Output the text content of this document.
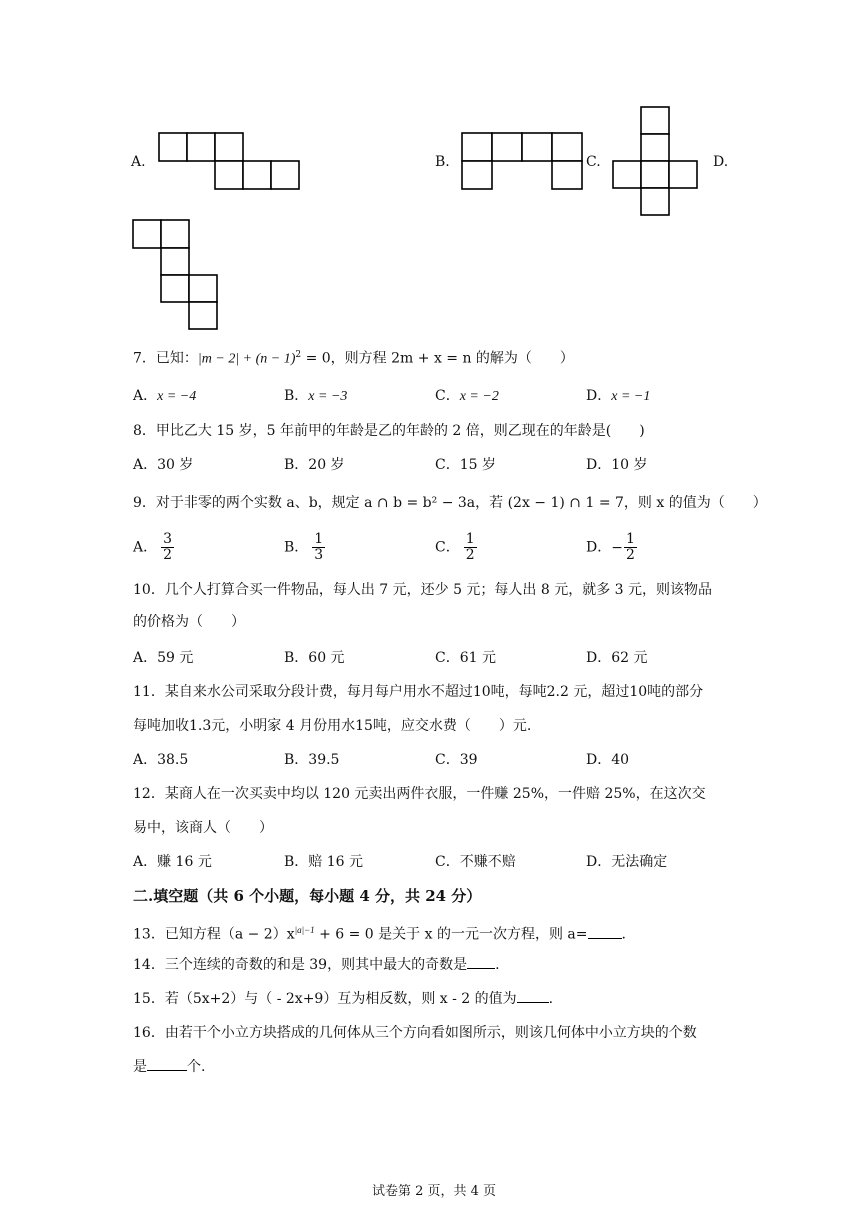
A.	B.	C.	D.
7．已知：$|m - 2| + (n - 1)^2 = 0$，则方程 2m + x = n 的解为（　　）
A．x = −4	B．x = −3	C．x = −2	D．x = −1
8．甲比乙大 15 岁，5 年前甲的年龄是乙的年龄的 2 倍，则乙现在的年龄是(　　)
A．30 岁	B．20 岁	C．15 岁	D．10 岁
9．对于非零的两个实数 a、b，规定 a ∩ b = b² − 3a，若 (2x − 1) ∩ 1 = 7，则 x 的值为（　　）
A． $\frac{3}{2}$	B． $\frac{1}{3}$	C． $\frac{1}{2}$	D． − $\frac{1}{2}$
10．几个人打算合买一件物品，每人出 7 元，还少 5 元；每人出 8 元，就多 3 元，则该物品
的价格为（　　）
A．59 元	B．60 元	C．61 元	D．62 元
11．某自来水公司采取分段计费，每月每户用水不超过10吨，每吨2.2 元，超过10吨的部分
每吨加收1.3元，小明家 4 月份用水15吨，应交水费（　　）元.
A．38.5	B．39.5	C．39	D．40
12．某商人在一次买卖中均以 120 元卖出两件衣服，一件赚 25%，一件赔 25%，在这次交
易中，该商人（　　）
A．赚 16 元	B．赔 16 元	C．不赚不赔	D．无法确定
二.填空题（共 6 个小题，每小题 4 分，共 24 分）
13．已知方程$(a - 2)x^{|a|-1} + 6 = 0$ 是关于 x 的一元一次方程，则 a= .
14．三个连续的奇数的和是 39，则其中最大的奇数是 .
15．若（5x+2）与（ - 2x+9）互为相反数，则 x - 2 的值为 .
16．由若干个小立方块搭成的几何体从三个方向看如图所示，则该几何体中小立方块的个数
是	个.
试卷第 2 页，共 4 页
